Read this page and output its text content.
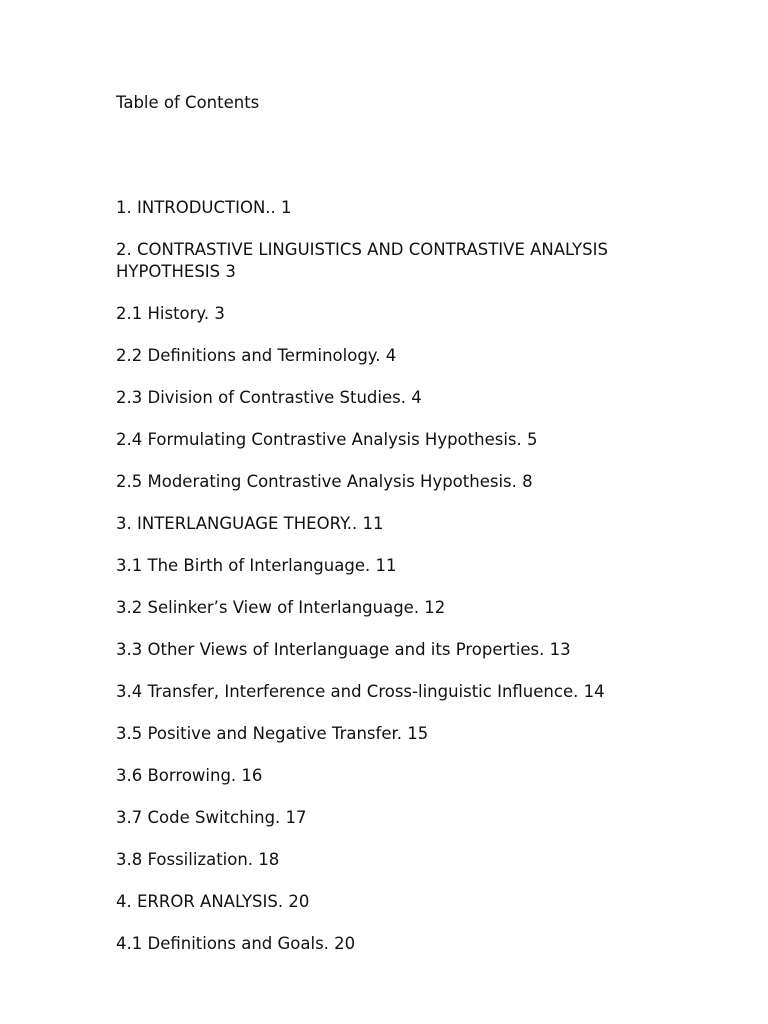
Table of Contents
1. INTRODUCTION.. 1
2. CONTRASTIVE LINGUISTICS AND CONTRASTIVE ANALYSIS HYPOTHESIS 3
2.1 History. 3
2.2 Definitions and Terminology. 4
2.3 Division of Contrastive Studies. 4
2.4 Formulating Contrastive Analysis Hypothesis. 5
2.5 Moderating Contrastive Analysis Hypothesis. 8
3. INTERLANGUAGE THEORY.. 11
3.1 The Birth of Interlanguage. 11
3.2 Selinker’s View of Interlanguage. 12
3.3 Other Views of Interlanguage and its Properties. 13
3.4 Transfer, Interference and Cross-linguistic Influence. 14
3.5 Positive and Negative Transfer. 15
3.6 Borrowing. 16
3.7 Code Switching. 17
3.8 Fossilization. 18
4. ERROR ANALYSIS. 20
4.1 Definitions and Goals. 20
